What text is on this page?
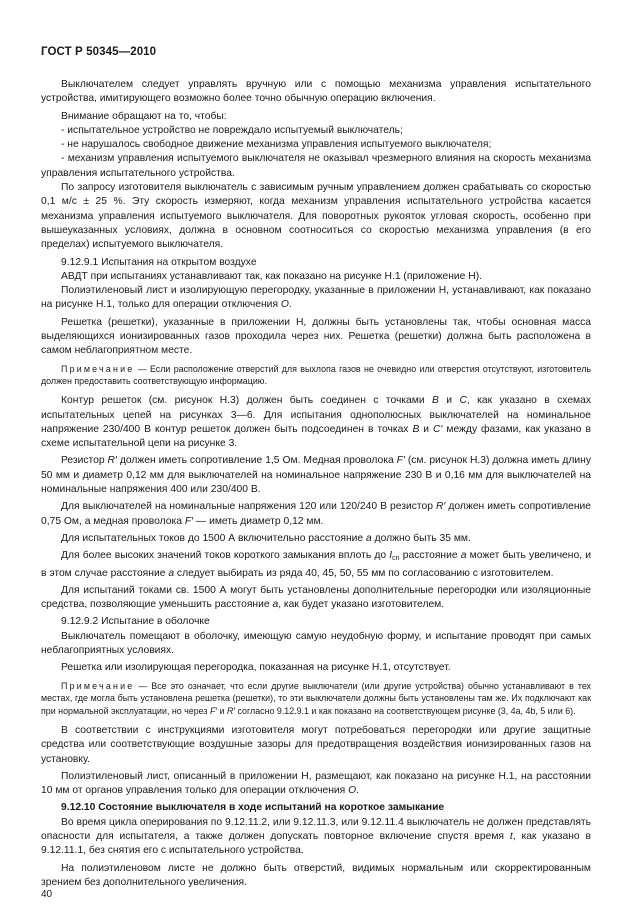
ГОСТ Р 50345—2010

Выключателем следует управлять вручную или с помощью механизма управления испытательного устройства, имитирующего возможно более точно обычную операцию включения.

Внимание обращают на то, чтобы:

- испытательное устройство не повреждало испытуемый выключатель;

- не нарушалось свободное движение механизма управления испытуемого выключателя;

- механизм управления испытуемого выключателя не оказывал чрезмерного влияния на скорость механизма управления испытательного устройства.

По запросу изготовителя выключатель с зависимым ручным управлением должен срабатывать со скоростью 0,1 м/с ± 25 %. Эту скорость измеряют, когда механизм управления испытательного устройства касается механизма управления испытуемого выключателя. Для поворотных рукояток угловая скорость, особенно при вышеуказанных условиях, должна в основном соотноситься со скоростью механизма управления (в его пределах) испытуемого выключателя.

9.12.9.1 Испытания на открытом воздухе

АВДТ при испытаниях устанавливают так, как показано на рисунке Н.1 (приложение Н).

Полиэтиленовый лист и изолирующую перегородку, указанные в приложении Н, устанавливают, как показано на рисунке Н.1, только для операции отключения O.

Решетка (решетки), указанные в приложении Н, должны быть установлены так, чтобы основная масса выделяющихся ионизированных газов проходила через них. Решетка (решетки) должна быть расположена в самом неблагоприятном месте.

Примечание — Если расположение отверстий для выхлопа газов не очевидно или отверстия отсутствуют, изготовитель должен предоставить соответствующую информацию.

Контур решеток (см. рисунок Н.3) должен быть соединен с точками B и C, как указано в схемах испытательных цепей на рисунках 3—6. Для испытания однополюсных выключателей на номинальное напряжение 230/400 В контур решеток должен быть подсоединен в точках B и C′ между фазами, как указано в схеме испытательной цепи на рисунке 3.

Резистор R′ должен иметь сопротивление 1,5 Ом. Медная проволока F′ (см. рисунок Н.3) должна иметь длину 50 мм и диаметр 0,12 мм для выключателей на номинальное напряжение 230 В и 0,16 мм для выключателей на номинальные напряжения 400 или 230/400 В.

Для выключателей на номинальные напряжения 120 или 120/240 В резистор R′ должен иметь сопротивление 0,75 Ом, а медная проволока F′ — иметь диаметр 0,12 мм.

Для испытательных токов до 1500 А включительно расстояние a должно быть 35 мм.

Для более высоких значений токов короткого замыкания вплоть до $I_{cn}$ расстояние a может быть увеличено, и в этом случае расстояние a следует выбирать из ряда 40, 45, 50, 55 мм по согласованию с изготовителем.

Для испытаний токами св. 1500 А могут быть установлены дополнительные перегородки или изоляционные средства, позволяющие уменьшить расстояние a, как будет указано изготовителем.

9.12.9.2 Испытание в оболочке

Выключатель помещают в оболочку, имеющую самую неудобную форму, и испытание проводят при самых неблагоприятных условиях.

Решетка или изолирующая перегородка, показанная на рисунке Н.1, отсутствует.

Примечание — Все это означает, что если другие выключатели (или другие устройства) обычно устанавливают в тех местах, где могла быть установлена решетка (решетки), то эти выключатели должны быть установлены там же. Их подключают как при нормальной эксплуатации, но через F′ и R′ согласно 9.12.9.1 и как показано на соответствующем рисунке (3, 4a, 4b, 5 или 6).

В соответствии с инструкциями изготовителя могут потребоваться перегородки или другие защитные средства или соответствующие воздушные зазоры для предотвращения воздействия ионизированных газов на установку.

Полиэтиленовый лист, описанный в приложении Н, размещают, как показано на рисунке Н.1, на расстоянии 10 мм от органов управления только для операции отключения O.

9.12.10 Состояние выключателя в ходе испытаний на короткое замыкание

Во время цикла оперирования по 9.12.11.2, или 9.12.11.3, или 9.12.11.4 выключатель не должен представлять опасности для испытателя, а также должен допускать повторное включение спустя время t, как указано в 9.12.11.1, без снятия его с испытательного устройства.

На полиэтиленовом листе не должно быть отверстий, видимых нормальным или скорректированным зрением без дополнительного увеличения.

40
